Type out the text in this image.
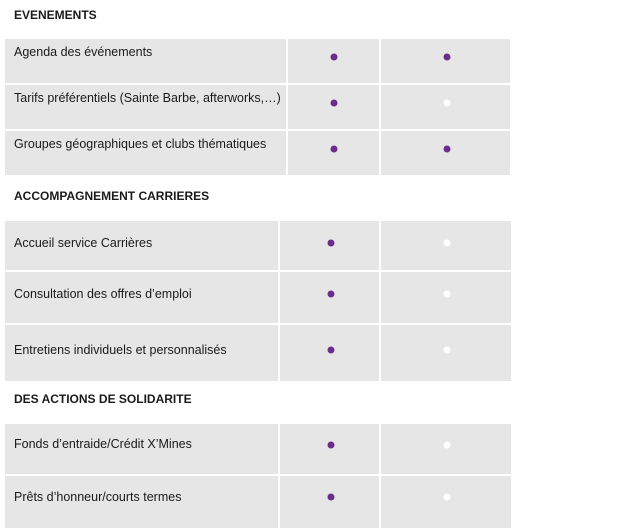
EVENEMENTS
Agenda des événements
Tarifs préférentiels (Sainte Barbe, afterworks,…)
Groupes géographiques et clubs thématiques
ACCOMPAGNEMENT CARRIERES
Accueil service Carrières
Consultation des offres d’emploi
Entretiens individuels et personnalisés
DES ACTIONS DE SOLIDARITE
Fonds d’entraide/Crédit X’Mines
Prêts d’honneur/courts termes
